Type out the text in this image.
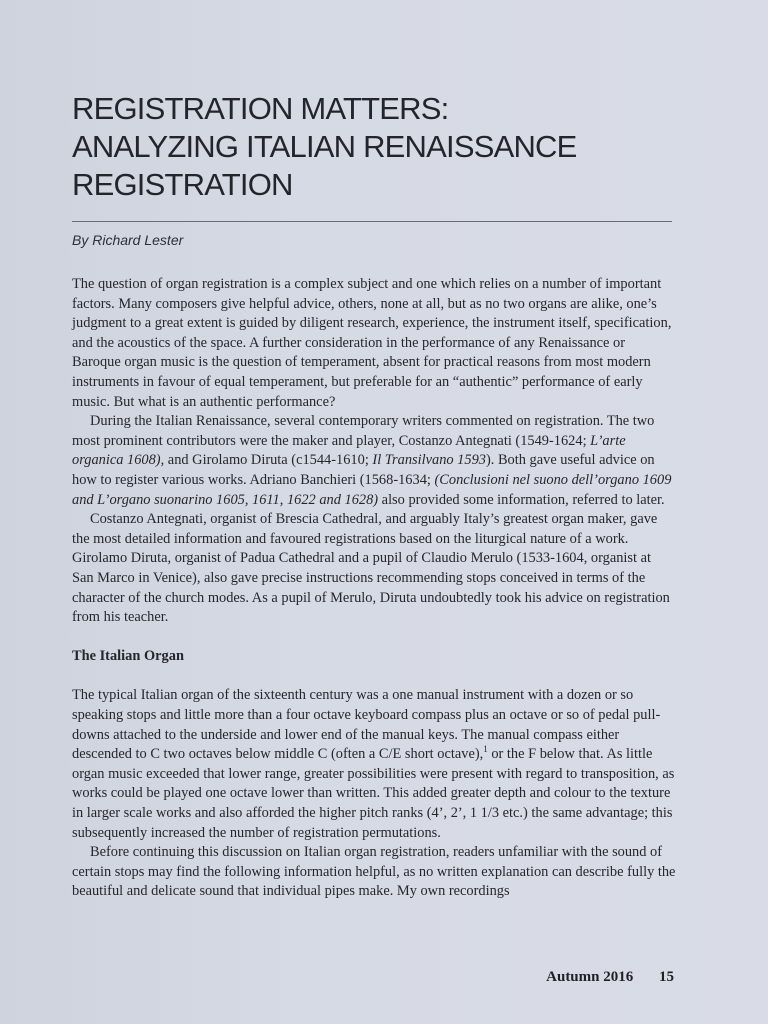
REGISTRATION MATTERS:
ANALYZING ITALIAN RENAISSANCE
REGISTRATION
By Richard Lester

The question of organ registration is a complex subject and one which relies on a number of important factors. Many composers give helpful advice, others, none at all, but as no two organs are alike, one’s judgment to a great extent is guided by diligent research, experience, the instrument itself, specification, and the acoustics of the space. A further consideration in the performance of any Renaissance or Baroque organ music is the question of temperament, absent for practical reasons from most modern instruments in favour of equal temperament, but preferable for an “authentic” performance of early music. But what is an authentic performance?

During the Italian Renaissance, several contemporary writers commented on registration. The two most prominent contributors were the maker and player, Costanzo Antegnati (1549-1624; L’arte organica 1608), and Girolamo Diruta (c1544-1610; Il Transilvano 1593). Both gave useful advice on how to register various works. Adriano Banchieri (1568-1634; (Conclusioni nel suono dell’organo 1609 and L’organo suonarino 1605, 1611, 1622 and 1628) also provided some information, referred to later.

Costanzo Antegnati, organist of Brescia Cathedral, and arguably Italy’s greatest organ maker, gave the most detailed information and favoured registrations based on the liturgical nature of a work. Girolamo Diruta, organist of Padua Cathedral and a pupil of Claudio Merulo (1533-1604, organist at San Marco in Venice), also gave precise instructions recommending stops conceived in terms of the character of the church modes. As a pupil of Merulo, Diruta undoubtedly took his advice on registration from his teacher.

The Italian Organ

The typical Italian organ of the sixteenth century was a one manual instrument with a dozen or so speaking stops and little more than a four octave keyboard compass plus an octave or so of pedal pull-downs attached to the underside and lower end of the manual keys. The manual compass either descended to C two octaves below middle C (often a C/E short octave),$^1$ or the F below that. As little organ music exceeded that lower range, greater possibilities were present with regard to transposition, as works could be played one octave lower than written. This added greater depth and colour to the texture in larger scale works and also afforded the higher pitch ranks (4’, 2’, 1 1/3 etc.) the same advantage; this subsequently increased the number of registration permutations.

Before continuing this discussion on Italian organ registration, readers unfamiliar with the sound of certain stops may find the following information helpful, as no written explanation can describe fully the beautiful and delicate sound that individual pipes make. My own recordings

Autumn 2016 15
